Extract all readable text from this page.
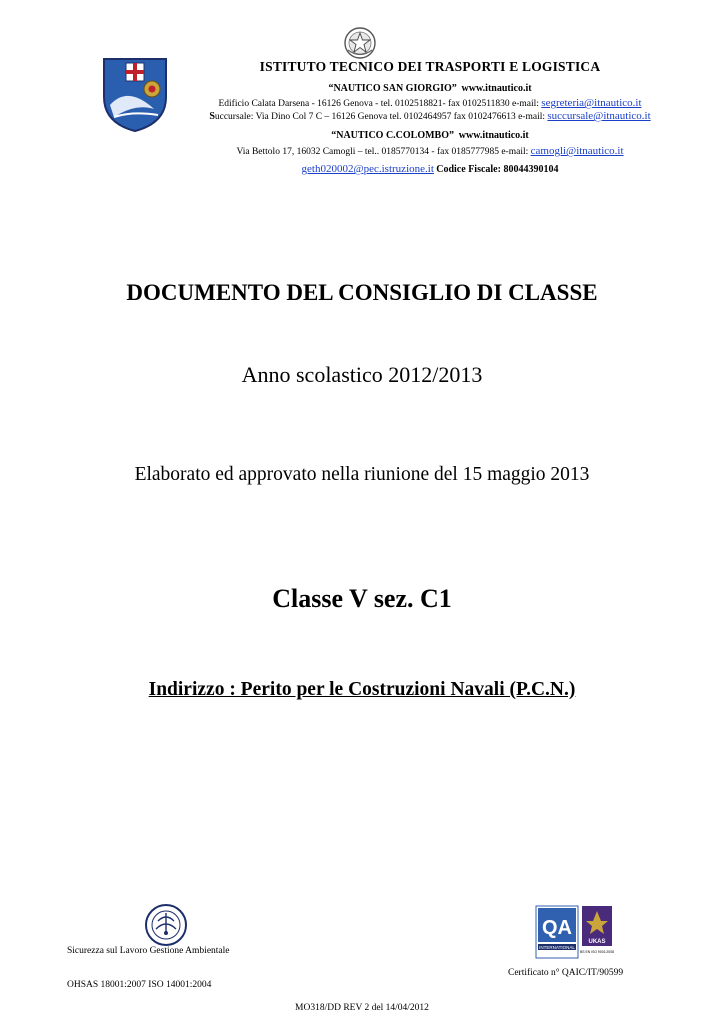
ISTITUTO TECNICO DEI TRASPORTI E LOGISTICA
“NAUTICO SAN GIORGIO” www.itnautico.it
Edificio Calata Darsena - 16126 Genova - tel. 0102518821- fax 0102511830 e-mail: segreteria@itnautico.it
Succursale: Via Dino Col 7 C – 16126 Genova tel. 0102464957 fax 0102476613 e-mail: succursale@itnautico.it
“NAUTICO C.COLOMBO” www.itnautico.it
Via Bettolo 17, 16032 Camogli – tel.. 0185770134 - fax 0185777985 e-mail: camogli@itnautico.it
geth020002@pec.istruzione.it Codice Fiscale: 80044390104
DOCUMENTO DEL CONSIGLIO DI CLASSE
Anno scolastico 2012/2013
Elaborato ed approvato nella riunione del 15 maggio 2013
Classe V sez. C1
Indirizzo : Perito per le Costruzioni Navali (P.C.N.)
Sicurezza sul Lavoro Gestione Ambientale
OHSAS 18001:2007 ISO 14001:2004
QA
INTERNATIONAL
UKAS
BS EN ISO 9001:2008
Certificato n° QAIC/IT/90599
MO318/DD REV 2 del 14/04/2012
